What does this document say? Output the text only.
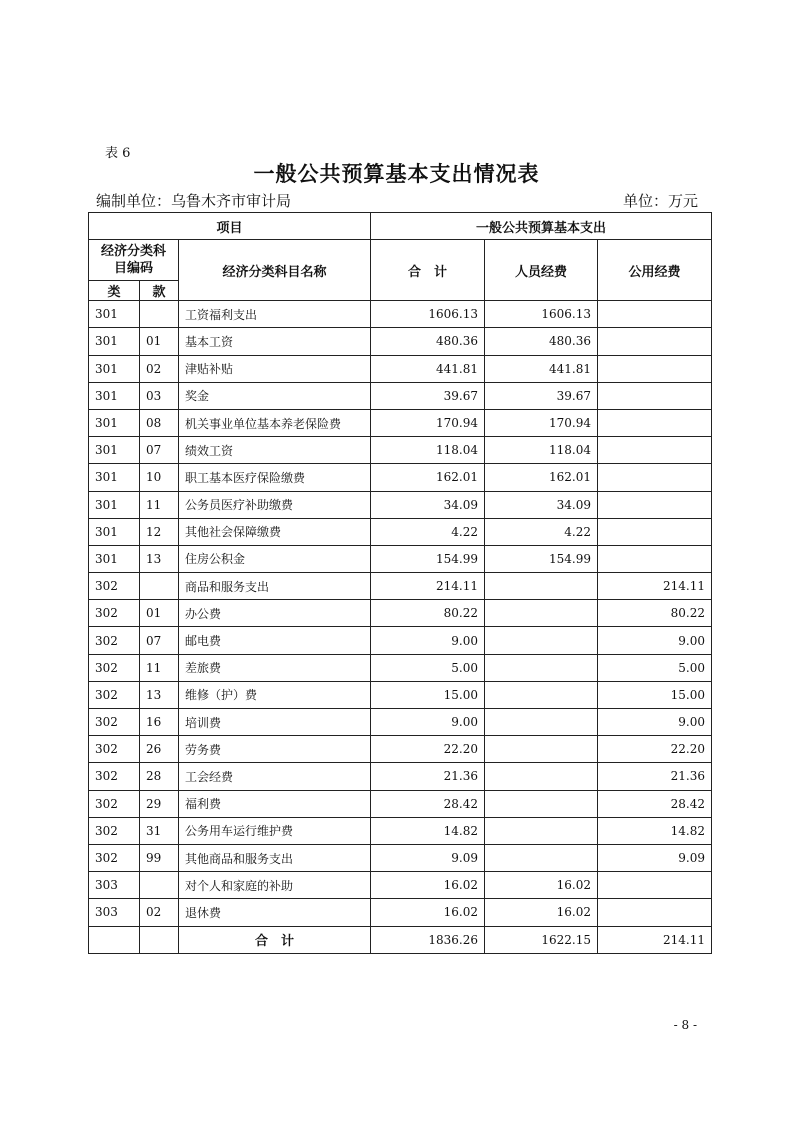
表 6
一般公共预算基本支出情况表
编制单位：乌鲁木齐市审计局	单位：万元
项目			一般公共预算基本支出		
经济分类科目编码		经济分类科目名称	合　计	人员经费	公用经费
类	款				
301		工资福利支出	1606.13	1606.13	
301	01	基本工资	480.36	480.36	
301	02	津贴补贴	441.81	441.81	
301	03	奖金	39.67	39.67	
301	08	机关事业单位基本养老保险费	170.94	170.94	
301	07	绩效工资	118.04	118.04	
301	10	职工基本医疗保险缴费	162.01	162.01	
301	11	公务员医疗补助缴费	34.09	34.09	
301	12	其他社会保障缴费	4.22	4.22	
301	13	住房公积金	154.99	154.99	
302		商品和服务支出	214.11		214.11
302	01	办公费	80.22		80.22
302	07	邮电费	9.00		9.00
302	11	差旅费	5.00		5.00
302	13	维修（护）费	15.00		15.00
302	16	培训费	9.00		9.00
302	26	劳务费	22.20		22.20
302	28	工会经费	21.36		21.36
302	29	福利费	28.42		28.42
302	31	公务用车运行维护费	14.82		14.82
302	99	其他商品和服务支出	9.09		9.09
303		对个人和家庭的补助	16.02	16.02	
303	02	退休费	16.02	16.02	
		合　计	1836.26	1622.15	214.11
- 8 -
